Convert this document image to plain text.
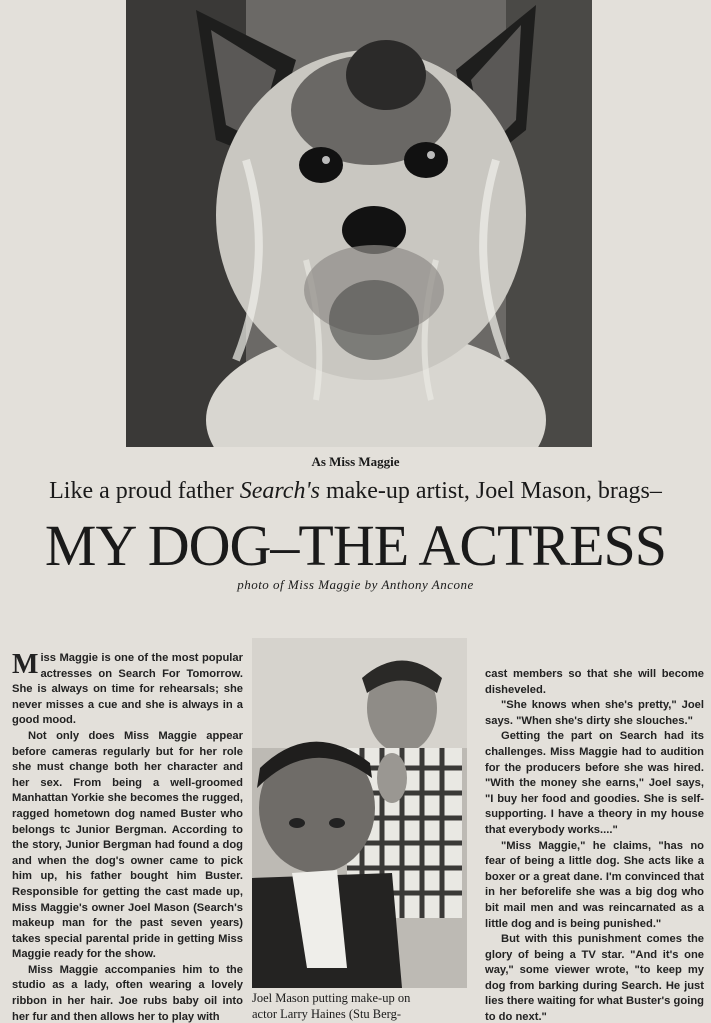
As Miss Maggie
Like a proud father Search's make-up artist, Joel Mason, brags–
MY DOG–THE ACTRESS
photo of Miss Maggie by Anthony Ancone

Miss Maggie is one of the most popular actresses on Search For Tomorrow. She is always on time for rehearsals; she never misses a cue and she is always in a good mood.

Not only does Miss Maggie appear before cameras regularly but for her role she must change both her character and her sex. From being a well-groomed Manhattan Yorkie she becomes the rugged, ragged hometown dog named Buster who belongs tc Junior Bergman. According to the story, Junior Bergman had found a dog and when the dog's owner came to pick him up, his father bought him Buster. Responsible for getting the cast made up, Miss Maggie's owner Joel Mason (Search's makeup man for the past seven years) takes special parental pride in getting Miss Maggie ready for the show.

Miss Maggie accompanies him to the studio as a lady, often wearing a lovely ribbon in her hair. Joe rubs baby oil into her fur and then allows her to play with

Joel Mason putting make-up on
actor Larry Haines (Stu Berg-

cast members so that she will become disheveled.

"She knows when she's pretty," Joel says. "When she's dirty she slouches."

Getting the part on Search had its challenges. Miss Maggie had to audition for the producers before she was hired. "With the money she earns," Joel says, "I buy her food and goodies. She is self-supporting. I have a theory in my house that everybody works...."

"Miss Maggie," he claims, "has no fear of being a little dog. She acts like a boxer or a great dane. I'm convinced that in her beforelife she was a big dog who bit mail men and was reincarnated as a little dog and is being punished."

But with this punishment comes the glory of being a TV star. "And it's one way," some viewer wrote, "to keep my dog from barking during Search. He just lies there waiting for what Buster's going to do next."
